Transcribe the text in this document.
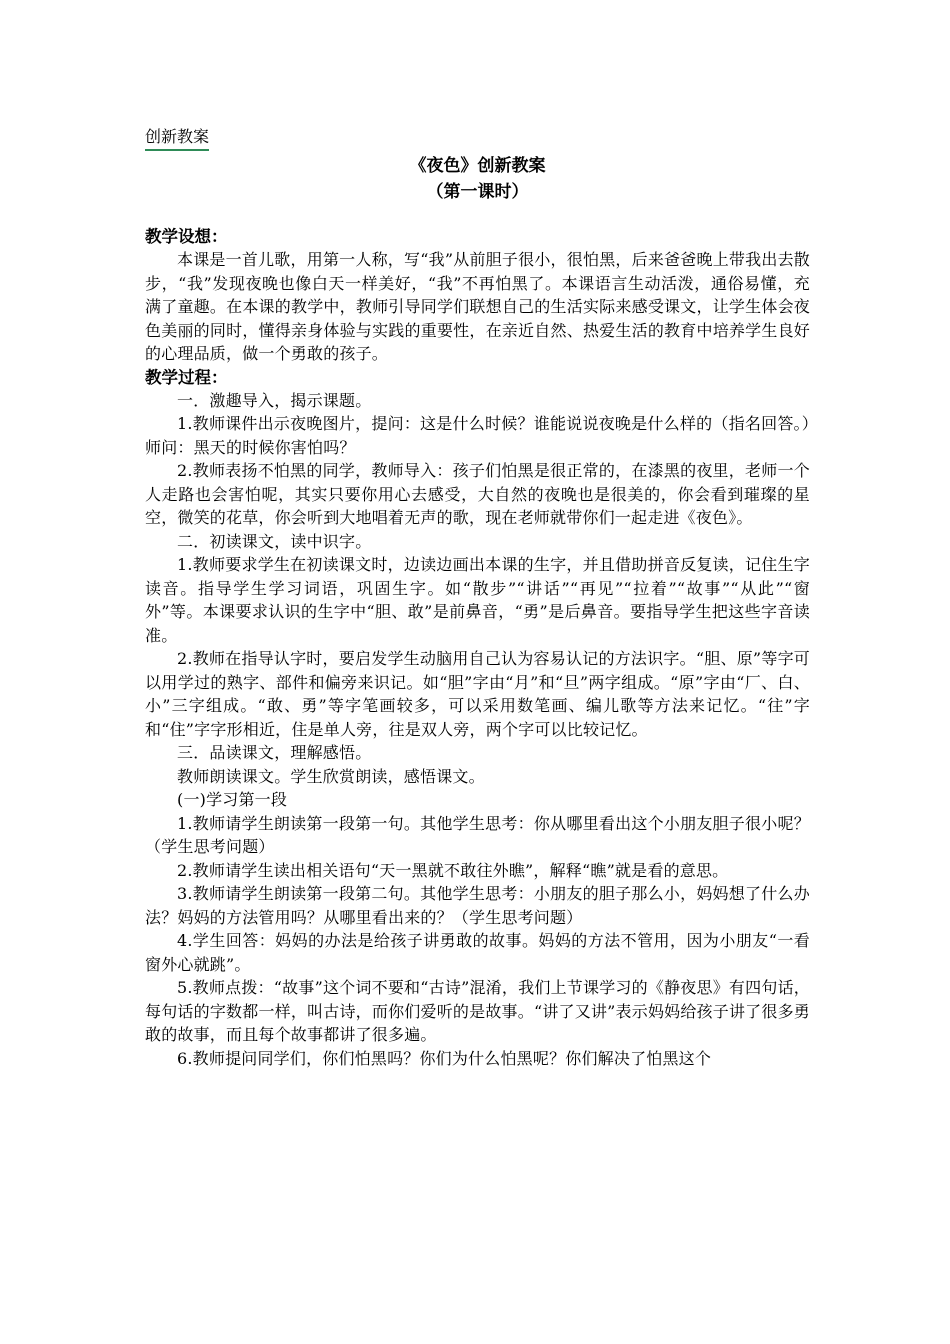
创新教案
《夜色》创新教案
（第一课时）
教学设想：

本课是一首儿歌，用第一人称，写“我”从前胆子很小，很怕黑，后来爸爸晚上带我出去散步，“我”发现夜晚也像白天一样美好，“我”不再怕黑了。本课语言生动活泼，通俗易懂，充满了童趣。在本课的教学中，教师引导同学们联想自己的生活实际来感受课文，让学生体会夜色美丽的同时，懂得亲身体验与实践的重要性，在亲近自然、热爱生活的教育中培养学生良好的心理品质，做一个勇敢的孩子。

教学过程：

一．激趣导入，揭示课题。

1.教师课件出示夜晚图片，提问：这是什么时候？谁能说说夜晚是什么样的（指名回答。）师问：黑天的时候你害怕吗？

2.教师表扬不怕黑的同学，教师导入：孩子们怕黑是很正常的，在漆黑的夜里，老师一个人走路也会害怕呢，其实只要你用心去感受，大自然的夜晚也是很美的，你会看到璀璨的星空，微笑的花草，你会听到大地唱着无声的歌，现在老师就带你们一起走进《夜色》。

二．初读课文，读中识字。

1.教师要求学生在初读课文时，边读边画出本课的生字，并且借助拼音反复读，记住生字读音。指导学生学习词语，巩固生字。如“散步”“讲话”“再见”“拉着”“故事”“从此”“窗外”等。本课要求认识的生字中“胆、敢”是前鼻音，“勇”是后鼻音。要指导学生把这些字音读准。

2.教师在指导认字时，要启发学生动脑用自己认为容易认记的方法识字。“胆、原”等字可以用学过的熟字、部件和偏旁来识记。如“胆”字由“月”和“旦”两字组成。“原”字由“厂、白、小”三字组成。“敢、勇”等字笔画较多，可以采用数笔画、编儿歌等方法来记忆。“往”字和“住”字字形相近，住是单人旁，往是双人旁，两个字可以比较记忆。

三．品读课文，理解感悟。

教师朗读课文。学生欣赏朗读，感悟课文。

(一)学习第一段

1.教师请学生朗读第一段第一句。其他学生思考：你从哪里看出这个小朋友胆子很小呢？（学生思考问题）

2.教师请学生读出相关语句“天一黑就不敢往外瞧”，解释“瞧”就是看的意思。

3.教师请学生朗读第一段第二句。其他学生思考：小朋友的胆子那么小，妈妈想了什么办法？妈妈的方法管用吗？从哪里看出来的？（学生思考问题）

4.学生回答：妈妈的办法是给孩子讲勇敢的故事。妈妈的方法不管用，因为小朋友“一看窗外心就跳”。

5.教师点拨：“故事”这个词不要和“古诗”混淆，我们上节课学习的《静夜思》有四句话，每句话的字数都一样，叫古诗，而你们爱听的是故事。“讲了又讲”表示妈妈给孩子讲了很多勇敢的故事，而且每个故事都讲了很多遍。

6.教师提问同学们，你们怕黑吗？你们为什么怕黑呢？你们解决了怕黑这个
